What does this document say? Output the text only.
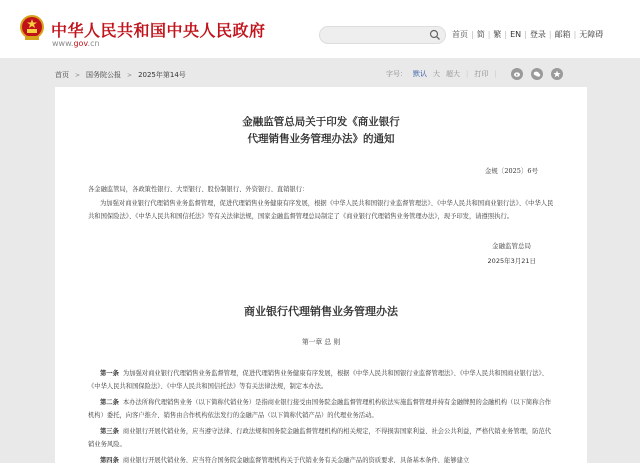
中华人民共和国中央人民政府
www.gov.cn
首页 | 简 | 繁 | EN | 登录 | 邮箱 | 无障碍
首页 > 国务院公报 > 2025年第14号	字号： 默认 大 超大 | 打印 |
金融监管总局关于印发《商业银行
代理销售业务管理办法》的通知
金规〔2025〕6号
各金融监管局，各政策性银行、大型银行、股份制银行、外资银行、直销银行：
为加强对商业银行代理销售业务监督管理，促进代理销售业务健康有序发展，根据《中华人民共和国银行业监督管理法》、《中华人民共和国商业银行法》、《中华人民共和国保险法》、《中华人民共和国信托法》等有关法律法规，国家金融监督管理总局制定了《商业银行代理销售业务管理办法》，现予印发，请遵照执行。
金融监管总局
2025年3月21日
商业银行代理销售业务管理办法
第一章 总 则
第一条 为加强对商业银行代理销售业务监督管理，促进代理销售业务健康有序发展，根据《中华人民共和国银行业监督管理法》、《中华人民共和国商业银行法》、《中华人民共和国保险法》、《中华人民共和国信托法》等有关法律法规，制定本办法。
第二条 本办法所称代理销售业务（以下简称代销业务）是指商业银行接受由国务院金融监督管理机构依法实施监督管理并持有金融牌照的金融机构（以下简称合作机构）委托，向客户推介、销售由合作机构依法发行的金融产品（以下简称代销产品）的代理业务活动。
第三条 商业银行开展代销业务，应当遵守法律、行政法规和国务院金融监督管理机构的相关规定，不得损害国家利益、社会公共利益，严格代销业务管理，防范代销业务风险。
第四条 商业银行开展代销业务，应当符合国务院金融监督管理机构关于代销业务有关金融产品的资质要求，具备基本条件，能够建立
